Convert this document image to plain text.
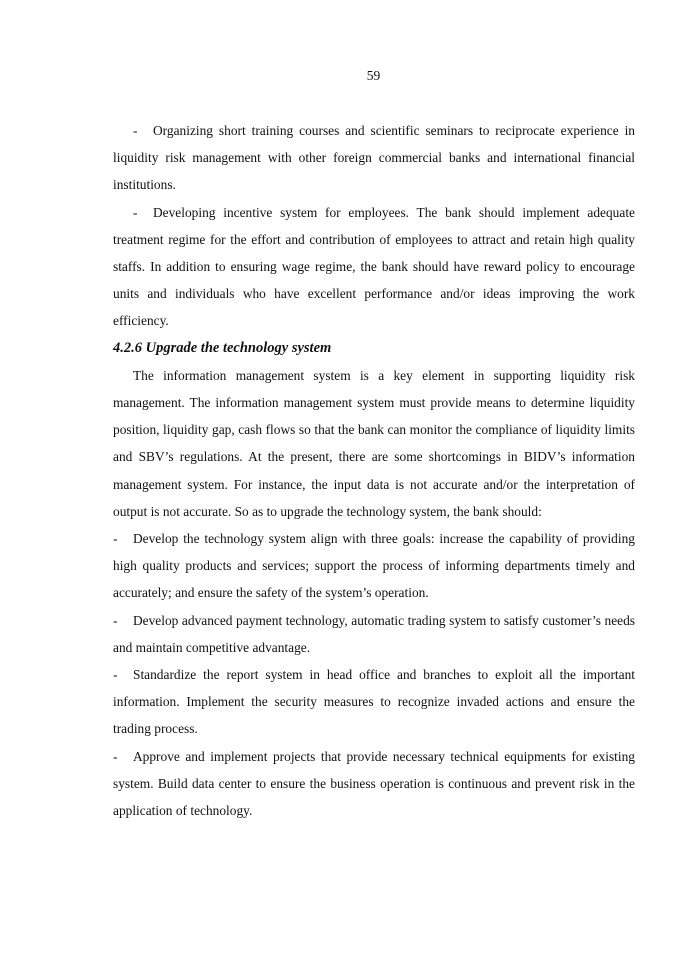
59

- Organizing short training courses and scientific seminars to reciprocate experience in liquidity risk management with other foreign commercial banks and international financial institutions.

- Developing incentive system for employees. The bank should implement adequate treatment regime for the effort and contribution of employees to attract and retain high quality staffs. In addition to ensuring wage regime, the bank should have reward policy to encourage units and individuals who have excellent performance and/or ideas improving the work efficiency.

4.2.6 Upgrade the technology system

The information management system is a key element in supporting liquidity risk management. The information management system must provide means to determine liquidity position, liquidity gap, cash flows so that the bank can monitor the compliance of liquidity limits and SBV’s regulations. At the present, there are some shortcomings in BIDV’s information management system. For instance, the input data is not accurate and/or the interpretation of output is not accurate. So as to upgrade the technology system, the bank should:

- Develop the technology system align with three goals: increase the capability of providing high quality products and services; support the process of informing departments timely and accurately; and ensure the safety of the system’s operation.

- Develop advanced payment technology, automatic trading system to satisfy customer’s needs and maintain competitive advantage.

- Standardize the report system in head office and branches to exploit all the important information. Implement the security measures to recognize invaded actions and ensure the trading process.

- Approve and implement projects that provide necessary technical equipments for existing system. Build data center to ensure the business operation is continuous and prevent risk in the application of technology.
